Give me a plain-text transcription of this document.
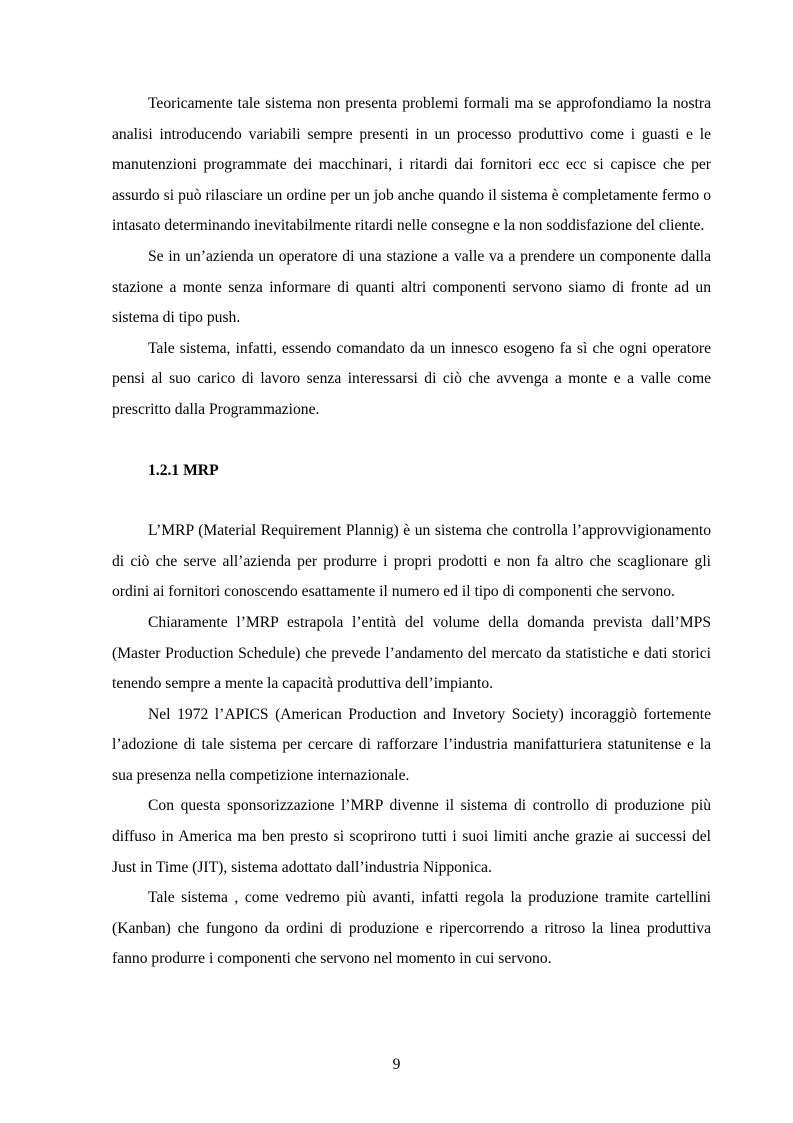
Teoricamente tale sistema non presenta problemi formali ma se approfondiamo la nostra analisi introducendo variabili sempre presenti in un processo produttivo come i guasti e le manutenzioni programmate dei macchinari, i ritardi dai fornitori ecc ecc si capisce che per assurdo si può rilasciare un ordine per un job anche quando il sistema è completamente fermo o intasato determinando inevitabilmente ritardi nelle consegne e la non soddisfazione del cliente.

Se in un’azienda un operatore di una stazione a valle va a prendere un componente dalla stazione a monte senza informare di quanti altri componenti servono siamo di fronte ad un sistema di tipo push.

Tale sistema, infatti, essendo comandato da un innesco esogeno fa sì che ogni operatore pensi al suo carico di lavoro senza interessarsi di ciò che avvenga a monte e a valle come prescritto dalla Programmazione.

1.2.1 MRP

L’MRP (Material Requirement Plannig) è un sistema che controlla l’approvvigionamento di ciò che serve all’azienda per produrre i propri prodotti e non fa altro che scaglionare gli ordini ai fornitori conoscendo esattamente il numero ed il tipo di componenti che servono.

Chiaramente l’MRP estrapola l’entità del volume della domanda prevista dall’MPS (Master Production Schedule) che prevede l’andamento del mercato da statistiche e dati storici tenendo sempre a mente la capacità produttiva dell’impianto.

Nel 1972 l’APICS (American Production and Invetory Society) incoraggiò fortemente l’adozione di tale sistema per cercare di rafforzare l’industria manifatturiera statunitense e la sua presenza nella competizione internazionale.

Con questa sponsorizzazione l’MRP divenne il sistema di controllo di produzione più diffuso in America ma ben presto si scoprirono tutti i suoi limiti anche grazie ai successi del Just in Time (JIT), sistema adottato dall’industria Nipponica.

Tale sistema , come vedremo più avanti, infatti regola la produzione tramite cartellini (Kanban) che fungono da ordini di produzione e ripercorrendo a ritroso la linea produttiva fanno produrre i componenti che servono nel momento in cui servono.

9
